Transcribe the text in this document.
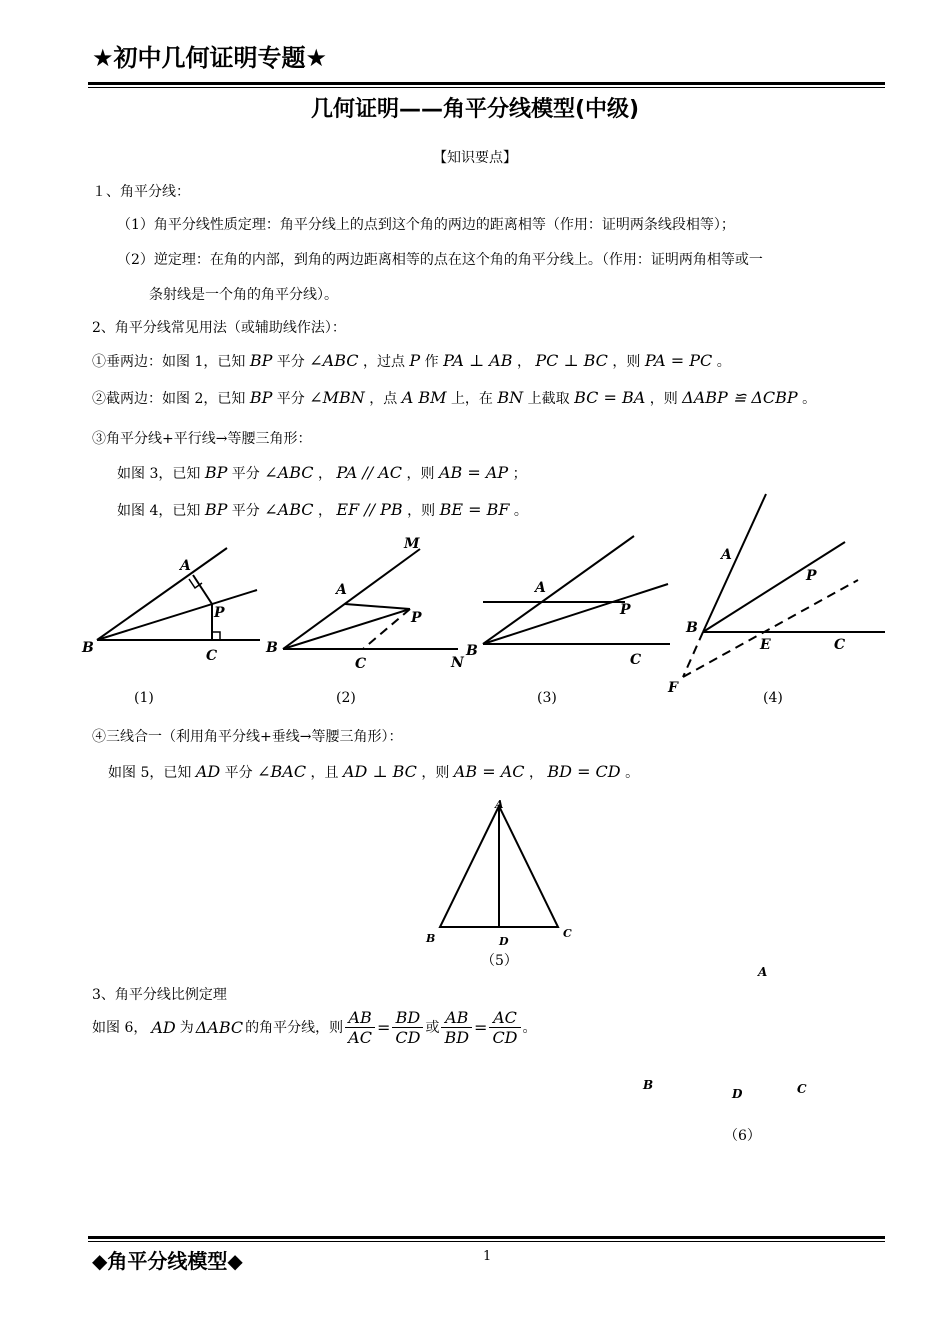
★初中几何证明专题★
几何证明——角平分线模型(中级)
【知识要点】
１、角平分线：
（1）角平分线性质定理：角平分线上的点到这个角的两边的距离相等（作用：证明两条线段相等）；
（2）逆定理：在角的内部，到角的两边距离相等的点在这个角的角平分线上。（作用：证明两角相等或一
条射线是一个角的角平分线）。
2、角平分线常见用法（或辅助线作法）：
①垂两边：如图 1，已知 BP 平分 ∠ABC ，过点 P 作 PA ⊥ AB ， PC ⊥ BC ，则 PA = PC 。
②截两边：如图 2，已知 BP 平分 ∠MBN ，点 A BM 上，在 BN 上截取 BC = BA ，则 ΔABP ≌ ΔCBP 。
③角平分线+平行线→等腰三角形：
如图 3，已知 BP 平分 ∠ABC ， PA // AC ，则 AB = AP ；
如图 4，已知 BP 平分 ∠ABC ， EF // PB ，则 BE = BF 。
A
P
B	C
M
A
P
B
C	N
A
P
B
C
A
P
B
E	C
F
(1)	(2)	(3)	(4)
④三线合一（利用角平分线+垂线→等腰三角形）：
如图 5，已知 AD 平分 ∠BAC ，且 AD ⊥ BC ，则 AB = AC ， BD = CD 。
A
B	D
C
（5）
3、角平分线比例定理
如图 6， AD 为 ΔABC 的角平分线，则 $\frac{AB}{AC} = \frac{BD}{CD}$ 或 $\frac{AB}{BD} = \frac{AC}{CD}$ 。
A
B
D	C
（6）
◆角平分线模型◆	1
